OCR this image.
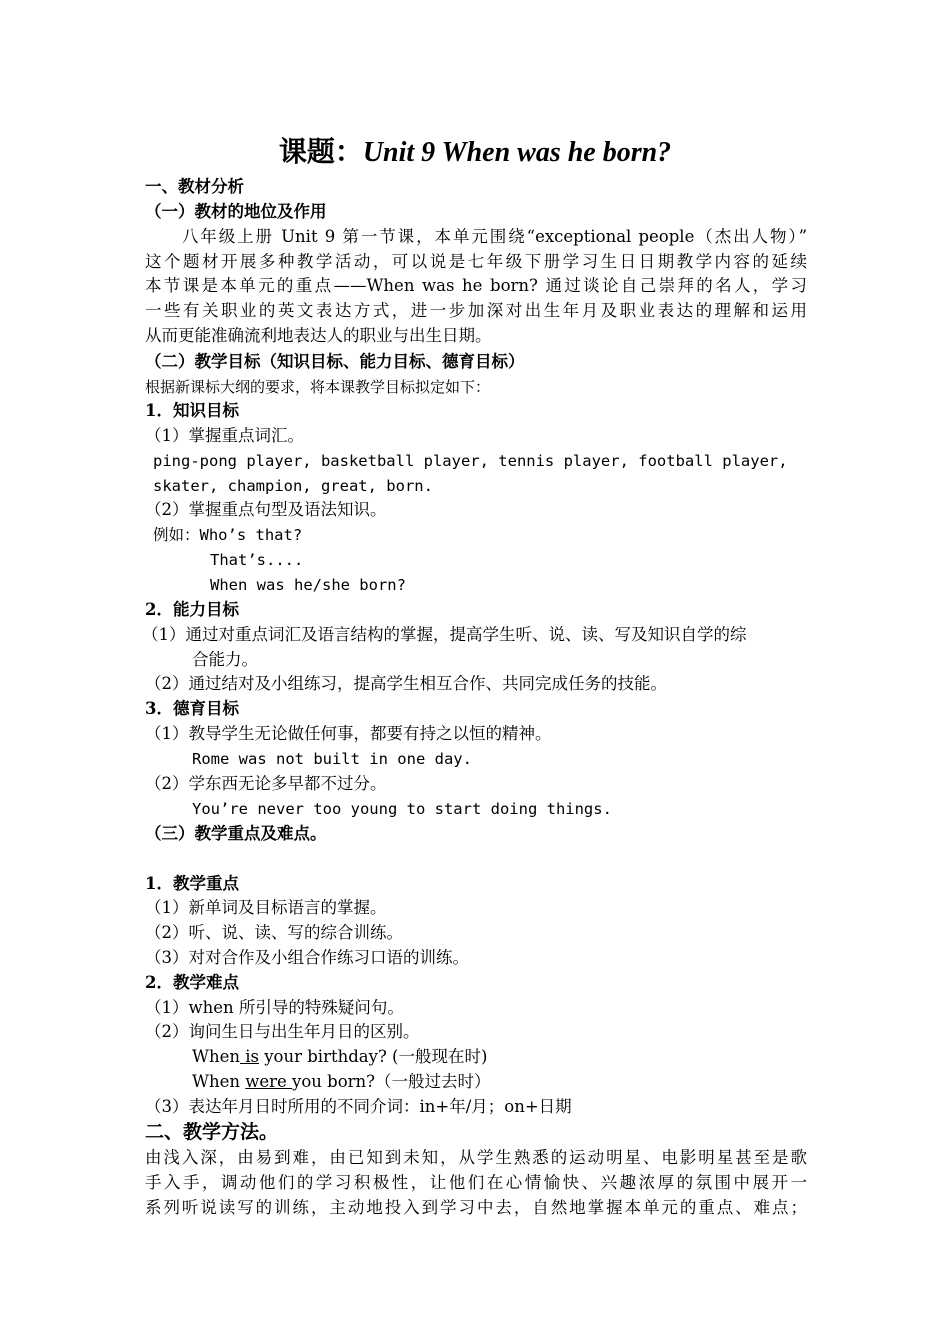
课题：Unit 9 When was he born?
一、教材分析
（一）教材的地位及作用
　　八年级上册 Unit 9 第一节课，本单元围绕“exceptional people（杰出人物）”
这个题材开展多种教学活动，可以说是七年级下册学习生日日期教学内容的延续
本节课是本单元的重点——When was he born? 通过谈论自己崇拜的名人，学习
一些有关职业的英文表达方式，进一步加深对出生年月及职业表达的理解和运用
从而更能准确流利地表达人的职业与出生日期。
（二）教学目标（知识目标、能力目标、德育目标）
根据新课标大纲的要求，将本课教学目标拟定如下：
1．知识目标
（1）掌握重点词汇。
ping-pong player, basketball player, tennis player, football player,
skater, champion, great, born.
（2）掌握重点句型及语法知识。
例如：Who’s that?
That’s....
When was he/she born?
2．能力目标
（1）通过对重点词汇及语言结构的掌握，提高学生听、说、读、写及知识自学的综
合能力。
（2）通过结对及小组练习，提高学生相互合作、共同完成任务的技能。
3．德育目标
（1）教导学生无论做任何事，都要有持之以恒的精神。
Rome was not built in one day.
（2）学东西无论多早都不过分。
You’re never too young to start doing things.
（三）教学重点及难点。
1．教学重点
（1）新单词及目标语言的掌握。
（2）听、说、读、写的综合训练。
（3）对对合作及小组合作练习口语的训练。
2．教学难点
（1）when 所引导的特殊疑问句。
（2）询问生日与出生年月日的区别。
When is your birthday? (一般现在时)
When were you born?（一般过去时）
（3）表达年月日时所用的不同介词：in+年/月；on+日期
二、教学方法。
由浅入深，由易到难，由已知到未知，从学生熟悉的运动明星、电影明星甚至是歌
手入手，调动他们的学习积极性，让他们在心情愉快、兴趣浓厚的氛围中展开一
系列听说读写的训练，主动地投入到学习中去，自然地掌握本单元的重点、难点；
